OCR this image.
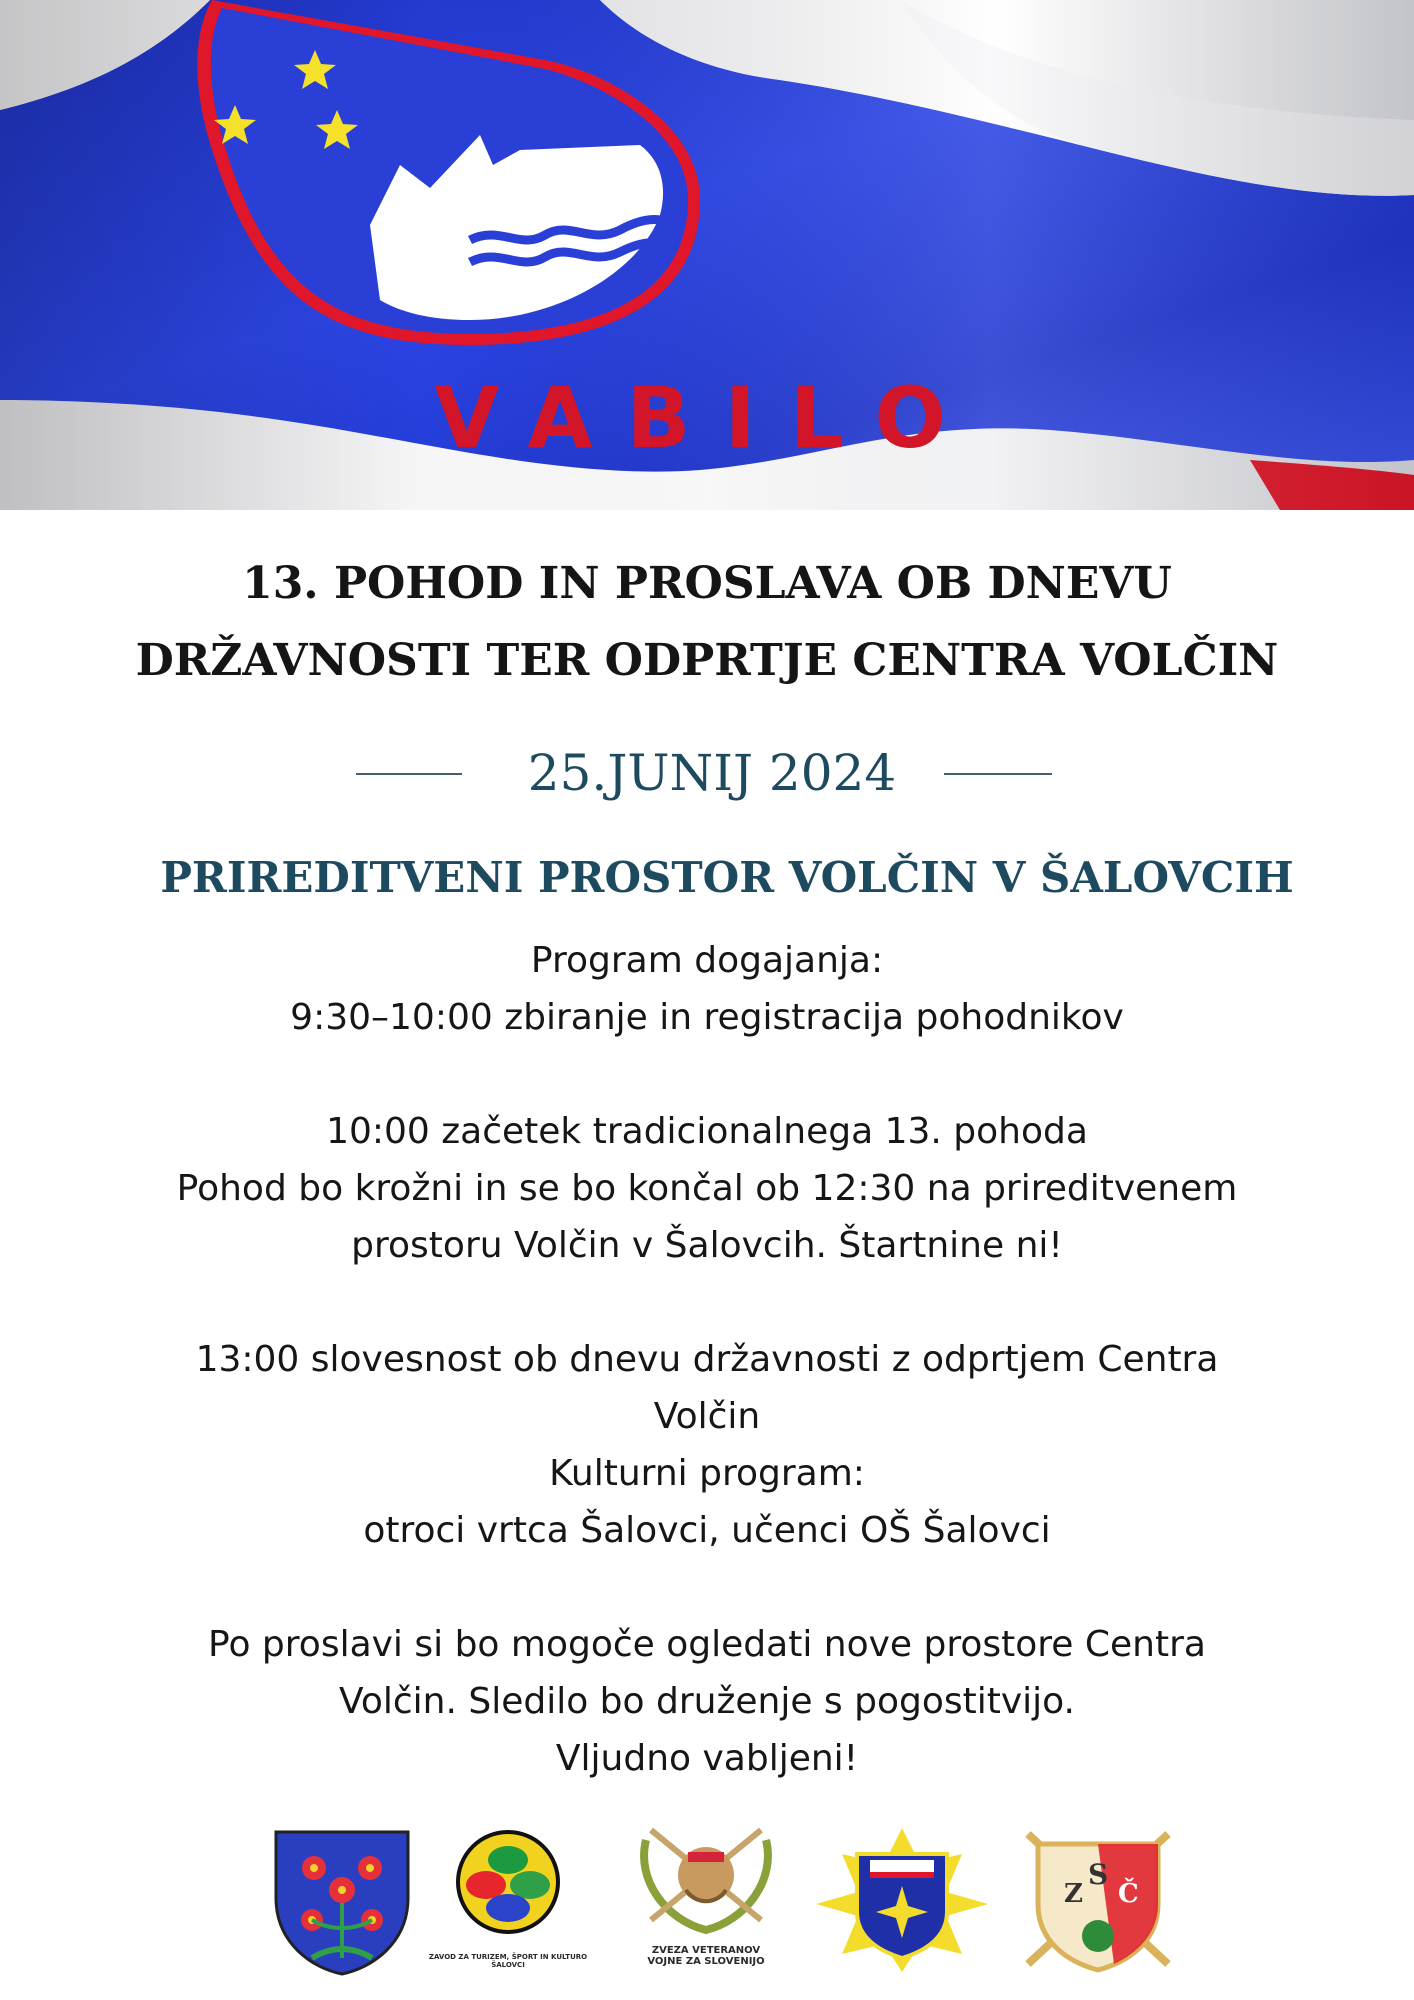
VABILO
13. POHOD IN PROSLAVA OB DNEVU
DRŽAVNOSTI TER ODPRTJE CENTRA VOLČIN
25.JUNIJ 2024
PRIREDITVENI PROSTOR VOLČIN V ŠALOVCIH
Program dogajanja:
9:30–10:00 zbiranje in registracija pohodnikov
10:00 začetek tradicionalnega 13. pohoda
Pohod bo krožni in se bo končal ob 12:30 na prireditvenem
prostoru Volčin v Šalovcih. Štartnine ni!
13:00 slovesnost ob dnevu državnosti z odprtjem Centra
Volčin
Kulturni program:
otroci vrtca Šalovci, učenci OŠ Šalovci
Po proslavi si bo mogoče ogledati nove prostore Centra
Volčin. Sledilo bo druženje s pogostitvijo.
Vljudno vabljeni!
ZAVOD ZA TURIZEM, ŠPORT IN KULTURO
ŠALOVCI
ZVEZA VETERANOV
VOJNE ZA SLOVENIJO
Z
S
Č
